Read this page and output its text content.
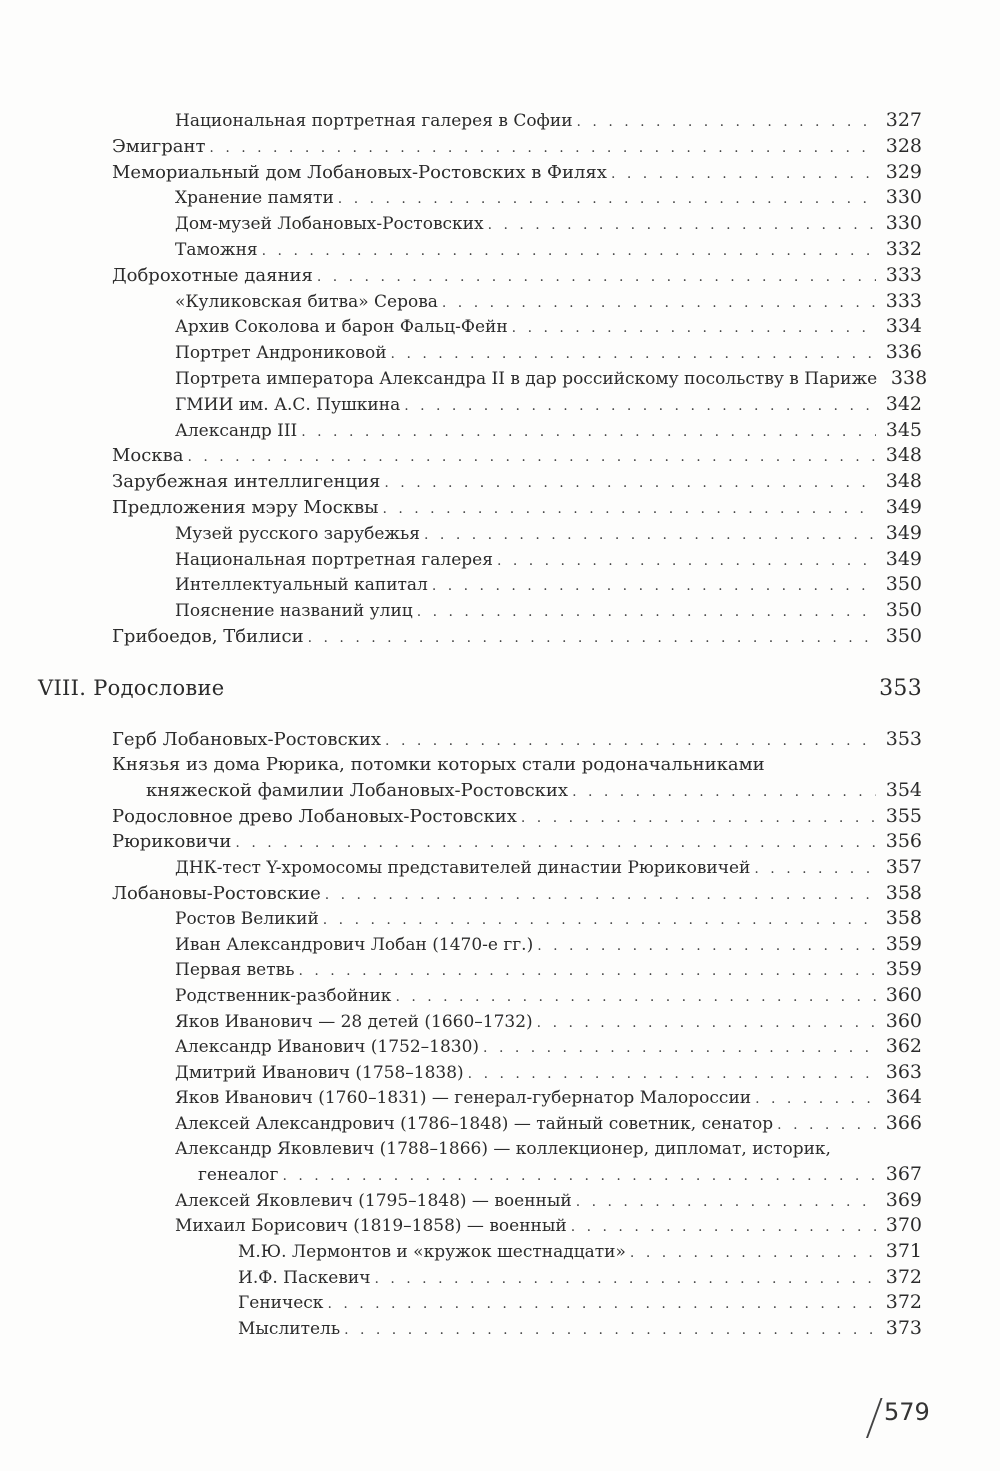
Национальная портретная галерея в Софии . . .	327
Эмигрант . . .	328
Мемориальный дом Лобановых-Ростовских в Филях . . .	329
Хранение памяти . . .	330
Дом-музей Лобановых-Ростовских . . .	330
Таможня . . .	332
Доброхотные даяния . . .	333
«Куликовская битва» Серова . . .	333
Архив Соколова и барон Фальц-Фейн . . .	334
Портрет Андрониковой . . .	336
Портрета императора Александра II в дар российскому посольству в Париже 338
ГМИИ им. А.С. Пушкина . . .	342
Александр III . . .	345
Москва . . .	348
Зарубежная интеллигенция . . .	348
Предложения мэру Москвы . . .	349
Музей русского зарубежья . . .	349
Национальная портретная галерея . . .	349
Интеллектуальный капитал . . .	350
Пояснение названий улиц . . .	350
Грибоедов, Тбилиси . . .	350
Герб Лобановых-Ростовских . . .	353
Князья из дома Рюрика, потомки которых стали родоначальниками
княжеской фамилии Лобановых-Ростовских . . .	354
Родословное древо Лобановых-Ростовских . . .	355
Рюриковичи . . .	356
ДНК-тест Y-хромосомы представителей династии Рюриковичей . . .	357
Лобановы-Ростовские . . .	358
Ростов Великий . . .	358
Иван Александрович Лобан (1470-е гг.) . . .	359
Первая ветвь . . .	359
Родственник-разбойник . . .	360
Яков Иванович — 28 детей (1660–1732) . . .	360
Александр Иванович (1752–1830) . . .	362
Дмитрий Иванович (1758–1838) . . .	363
Яков Иванович (1760–1831) — генерал-губернатор Малороссии . . .	364
Алексей Александрович (1786–1848) — тайный советник, сенатор . . .	366
Александр Яковлевич (1788–1866) — коллекционер, дипломат, историк,
генеалог . . .	367
Алексей Яковлевич (1795–1848) — военный . . .	369
Михаил Борисович (1819–1858) — военный . . .	370
М.Ю. Лермонтов и «кружок шестнадцати» . . .	371
И.Ф. Паскевич . . .	372
Геническ . . .	372
Мыслитель . . .	373
VIII. Родословие	353
579
